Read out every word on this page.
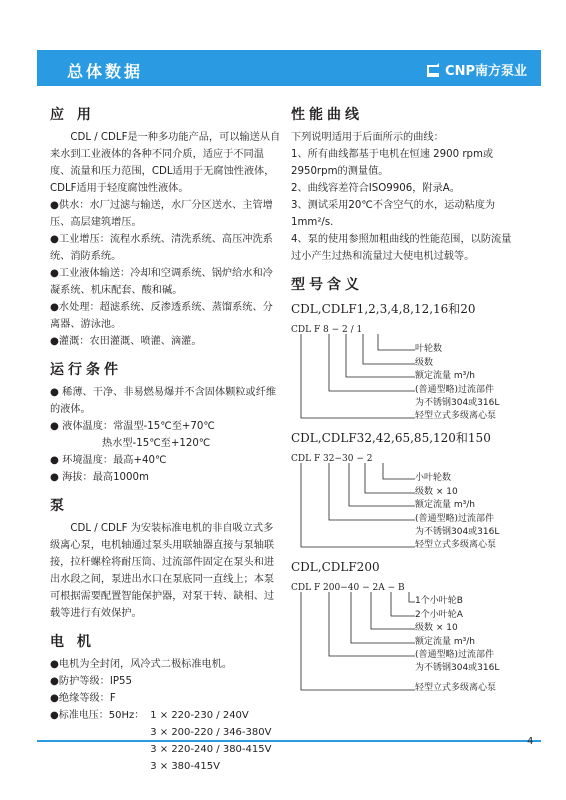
总体数据	CNP南方泵业
应 用

CDL / CDLF是一种多功能产品，可以输送从自来水到工业液体的各种不同介质，适应于不同温度、流量和压力范围，CDL适用于无腐蚀性液体，CDLF适用于轻度腐蚀性液体。

●供水：水厂过滤与输送，水厂分区送水、主管增压、高层建筑增压。
●工业增压：流程水系统、清洗系统、高压冲洗系统、消防系统。
●工业液体输送：冷却和空调系统、锅炉给水和冷凝系统、机床配套、酸和碱。
●水处理：超滤系统、反渗透系统、蒸馏系统、分离器、游泳池。
●灌溉：农田灌溉、喷灌、滴灌。
运行条件
● 稀薄、干净、非易燃易爆并不含固体颗粒或纤维的液体。
● 液体温度：常温型-15℃至+70℃
热水型-15℃至+120℃
● 环境温度：最高+40℃
● 海拔：最高1000m
泵

CDL / CDLF 为安装标准电机的非自吸立式多级离心泵，电机轴通过泵头用联轴器直接与泵轴联接，拉杆螺栓将耐压筒、过流部件固定在泵头和进出水段之间，泵进出水口在泵底同一直线上；本泵可根据需要配置智能保护器，对泵干转、缺相、过载等进行有效保护。

电 机
●电机为全封闭，风冷式二极标准电机。
●防护等级：IP55
●绝缘等级：F
●标准电压：50Hz：	1 × 220-230 / 240V
	3 × 200-220 / 346-380V
	3 × 220-240 / 380-415V
	3 × 380-415V
性能曲线

下列说明适用于后面所示的曲线：

1、所有曲线都基于电机在恒速 2900 rpm或2950rpm的测量值。

2、曲线容差符合ISO9906，附录A。

3、测试采用20℃不含空气的水，运动粘度为1mm²/s.

4、泵的使用参照加粗曲线的性能范围，以防流量过小产生过热和流量过大使电机过载等。

型号含义
CDL,CDLF1,2,3,4,8,12,16和20
CDL F 8 − 2 / 1
叶轮数
级数
额定流量 m³/h
(普通型略)过流部件
为不锈钢304或316L
轻型立式多级离心泵
CDL,CDLF32,42,65,85,120和150
CDL F 32−30 − 2
小叶轮数
级数 × 10
额定流量 m³/h
(普通型略)过流部件
为不锈钢304或316L
轻型立式多级离心泵
CDL,CDLF200
CDL F 200−40 − 2A − B
1个小叶轮B
2个小叶轮A
级数 × 10
额定流量 m³/h
(普通型略)过流部件
为不锈钢304或316L
轻型立式多级离心泵
4
